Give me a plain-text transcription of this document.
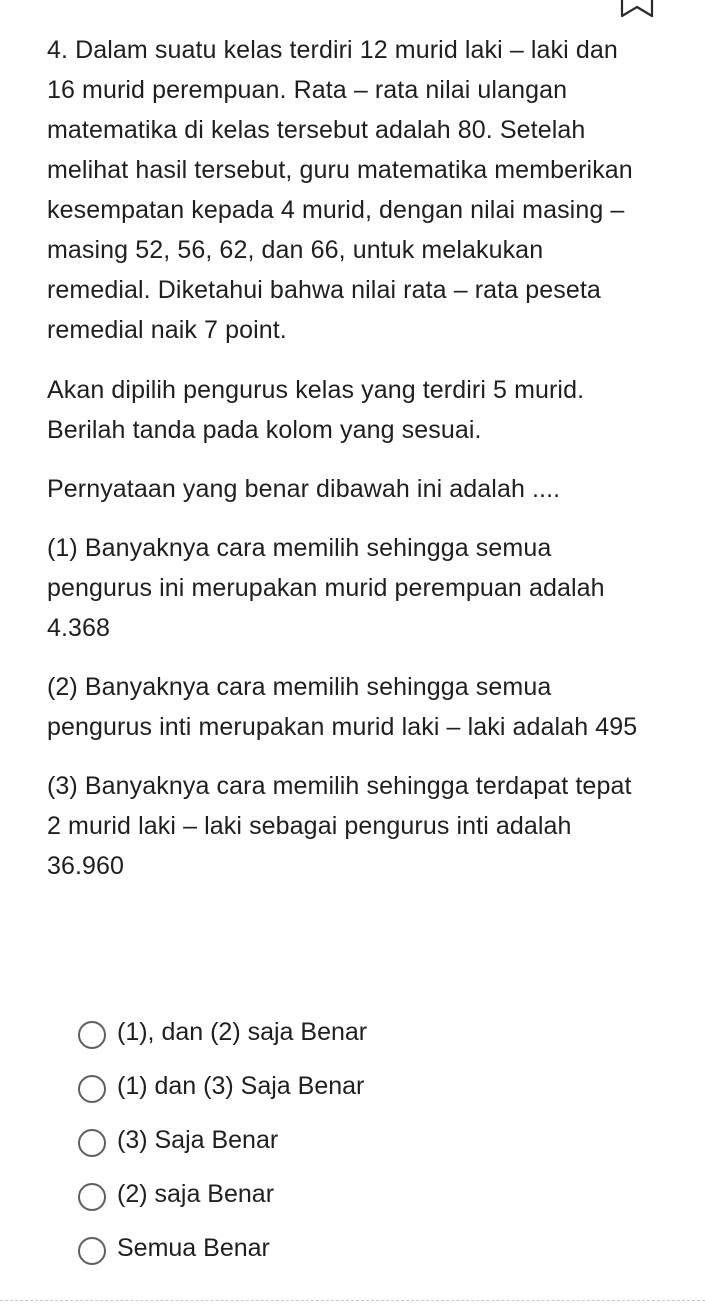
4. Dalam suatu kelas terdiri 12 murid laki – laki dan 16 murid perempuan. Rata – rata nilai ulangan matematika di kelas tersebut adalah 80. Setelah melihat hasil tersebut, guru matematika memberikan kesempatan kepada 4 murid, dengan nilai masing – masing 52, 56, 62, dan 66, untuk melakukan remedial. Diketahui bahwa nilai rata – rata peseta remedial naik 7 point.

Akan dipilih pengurus kelas yang terdiri 5 murid. Berilah tanda pada kolom yang sesuai.

Pernyataan yang benar dibawah ini adalah ....

(1) Banyaknya cara memilih sehingga semua pengurus ini merupakan murid perempuan adalah 4.368

(2) Banyaknya cara memilih sehingga semua pengurus inti merupakan murid laki – laki adalah 495

(3) Banyaknya cara memilih sehingga terdapat tepat 2 murid laki – laki sebagai pengurus inti adalah 36.960

(1), dan (2) saja Benar
(1) dan (3) Saja Benar
(3) Saja Benar
(2) saja Benar
Semua Benar
